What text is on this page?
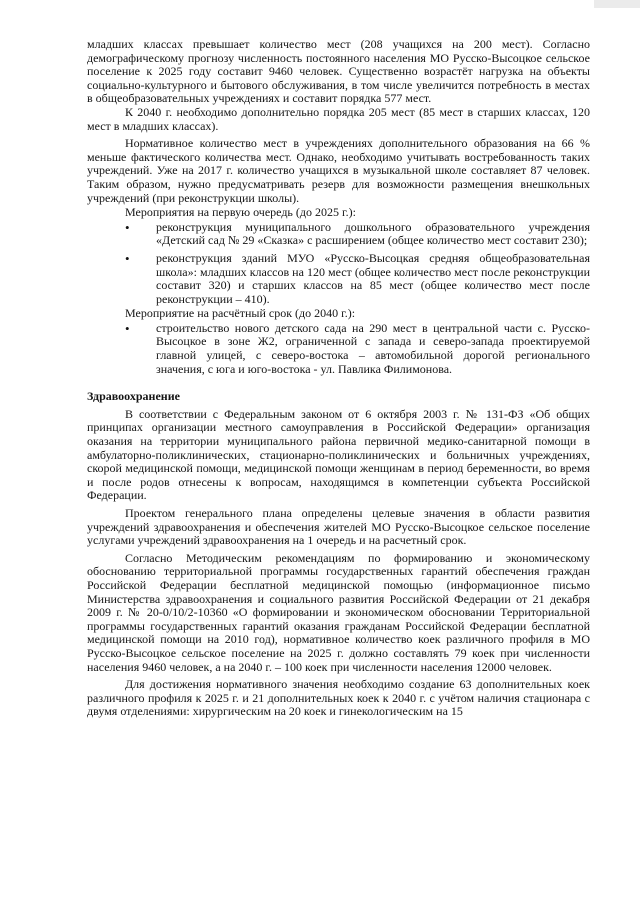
младших классах превышает количество мест (208 учащихся на 200 мест). Согласно демографическому прогнозу численность постоянного населения МО Русско-Высоцкое сельское поселение к 2025 году составит 9460 человек. Существенно возрастёт нагрузка на объекты социально-культурного и бытового обслуживания, в том числе увеличится потребность в местах в общеобразовательных учреждениях и составит порядка 577 мест.

К 2040 г. необходимо дополнительно порядка 205 мест (85 мест в старших классах, 120 мест в младших классах).

Нормативное количество мест в учреждениях дополнительного образования на 66 % меньше фактического количества мест. Однако, необходимо учитывать востребованность таких учреждений. Уже на 2017 г. количество учащихся в музыкальной школе составляет 87 человек. Таким образом, нужно предусматривать резерв для возможности размещения внешкольных учреждений (при реконструкции школы).

Мероприятия на первую очередь (до 2025 г.):

• реконструкция муниципального дошкольного образовательного учреждения «Детский сад № 29 «Сказка» с расширением (общее количество мест составит 230);
• реконструкция зданий МУО «Русско-Высоцкая средняя общеобразовательная школа»: младших классов на 120 мест (общее количество мест после реконструкции составит 320) и старших классов на 85 мест (общее количество мест после реконструкции – 410).

Мероприятие на расчётный срок (до 2040 г.):

• строительство нового детского сада на 290 мест в центральной части с. Русско-Высоцкое в зоне Ж2, ограниченной с запада и северо-запада проектируемой главной улицей, с северо-востока – автомобильной дорогой регионального значения, с юга и юго-востока - ул. Павлика Филимонова.

Здравоохранение

В соответствии с Федеральным законом от 6 октября 2003 г. № 131-ФЗ «Об общих принципах организации местного самоуправления в Российской Федерации» организация оказания на территории муниципального района первичной медико-санитарной помощи в амбулаторно-поликлинических, стационарно-поликлинических и больничных учреждениях, скорой медицинской помощи, медицинской помощи женщинам в период беременности, во время и после родов отнесены к вопросам, находящимся в компетенции субъекта Российской Федерации.

Проектом генерального плана определены целевые значения в области развития учреждений здравоохранения и обеспечения жителей МО Русско-Высоцкое сельское поселение услугами учреждений здравоохранения на 1 очередь и на расчетный срок.

Согласно Методическим рекомендациям по формированию и экономическому обоснованию территориальной программы государственных гарантий обеспечения граждан Российской Федерации бесплатной медицинской помощью (информационное письмо Министерства здравоохранения и социального развития Российской Федерации от 21 декабря 2009 г. № 20-0/10/2-10360 «О формировании и экономическом обосновании Территориальной программы государственных гарантий оказания гражданам Российской Федерации бесплатной медицинской помощи на 2010 год), нормативное количество коек различного профиля в МО Русско-Высоцкое сельское поселение на 2025 г. должно составлять 79 коек при численности населения 9460 человек, а на 2040 г. – 100 коек при численности населения 12000 человек.

Для достижения нормативного значения необходимо создание 63 дополнительных коек различного профиля к 2025 г. и 21 дополнительных коек к 2040 г. с учётом наличия стационара с двумя отделениями: хирургическим на 20 коек и гинекологическим на 15
